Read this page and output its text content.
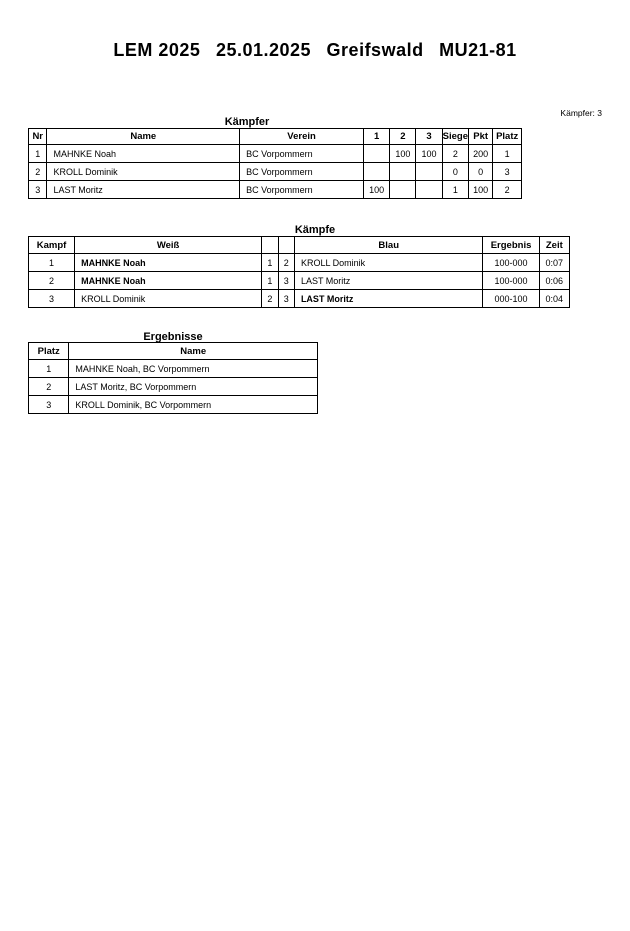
LEM 2025 25.01.2025 Greifswald MU21-81
Kämpfer
Kämpfer: 3
Nr	Name	Verein	1	2	3	Siege	Pkt	Platz
1	MAHNKE Noah	BC Vorpommern		100	100	2	200	1
2	KROLL Dominik	BC Vorpommern				0	0	3
3	LAST Moritz	BC Vorpommern	100			1	100	2
Kämpfe
Kampf	Weiß			Blau	Ergebnis	Zeit
1	MAHNKE Noah	1	2	KROLL Dominik	100-000	0:07
2	MAHNKE Noah	1	3	LAST Moritz	100-000	0:06
3	KROLL Dominik	2	3	LAST Moritz	000-100	0:04
Ergebnisse
Platz	Name
1	MAHNKE Noah, BC Vorpommern
2	LAST Moritz, BC Vorpommern
3	KROLL Dominik, BC Vorpommern
